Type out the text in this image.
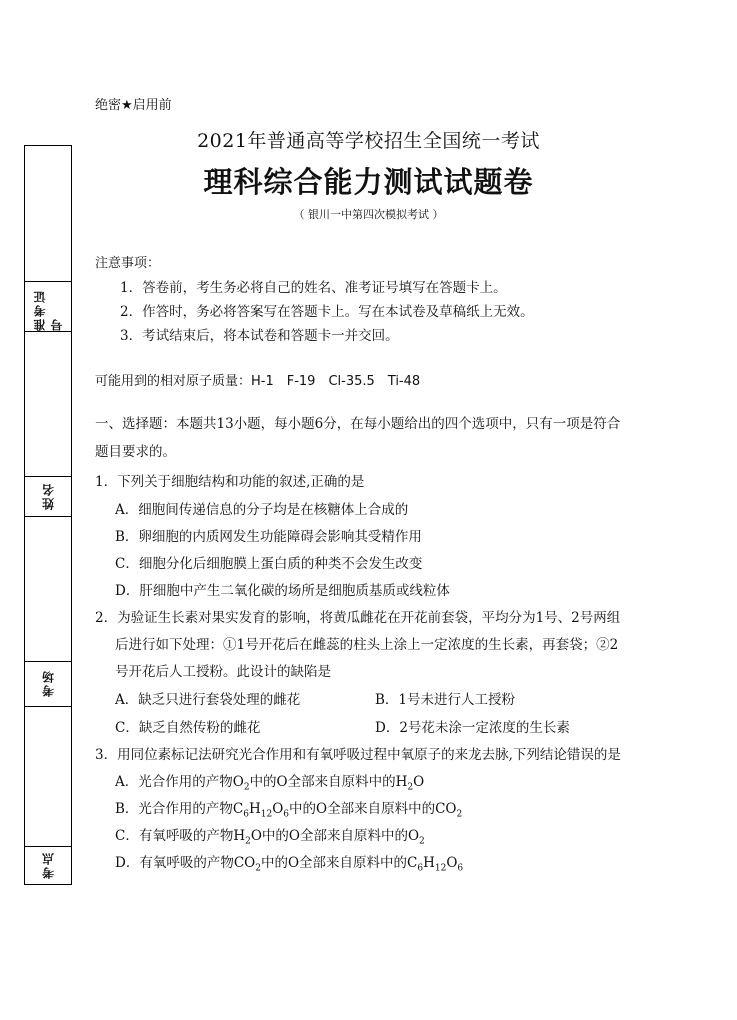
绝密★启用前
2021年普通高等学校招生全国统一考试
理科综合能力测试试题卷
（ 银川一中第四次模拟考试 ）
准考证号
姓名
考场
考点
注意事项：
1．答卷前，考生务必将自己的姓名、准考证号填写在答题卡上。
2．作答时，务必将答案写在答题卡上。写在本试卷及草稿纸上无效。
3．考试结束后，将本试卷和答题卡一并交回。
可能用到的相对原子质量：H-1　F-19　Cl-35.5　Ti-48
一、选择题：本题共13小题，每小题6分，在每小题给出的四个选项中，只有一项是符合
题目要求的。
1．下列关于细胞结构和功能的叙述,正确的是
A．细胞间传递信息的分子均是在核糖体上合成的
B．卵细胞的内质网发生功能障碍会影响其受精作用
C．细胞分化后细胞膜上蛋白质的种类不会发生改变
D．肝细胞中产生二氧化碳的场所是细胞质基质或线粒体
2．为验证生长素对果实发育的影响，将黄瓜雌花在开花前套袋，平均分为1号、2号两组
后进行如下处理：①1号开花后在雌蕊的柱头上涂上一定浓度的生长素，再套袋；②2
号开花后人工授粉。此设计的缺陷是
A．缺乏只进行套袋处理的雌花	B．1号未进行人工授粉
C．缺乏自然传粉的雌花	D．2号花未涂一定浓度的生长素
3．用同位素标记法研究光合作用和有氧呼吸过程中氧原子的来龙去脉,下列结论错误的是
A．光合作用的产物$O_2$中的O全部来自原料中的$H_2O$
B．光合作用的产物$C_6H_{12}O_6$中的O全部来自原料中的$CO_2$
C．有氧呼吸的产物$H_2O$中的O全部来自原料中的$O_2$
D．有氧呼吸的产物$CO_2$中的O全部来自原料中的$C_6H_{12}O_6$
